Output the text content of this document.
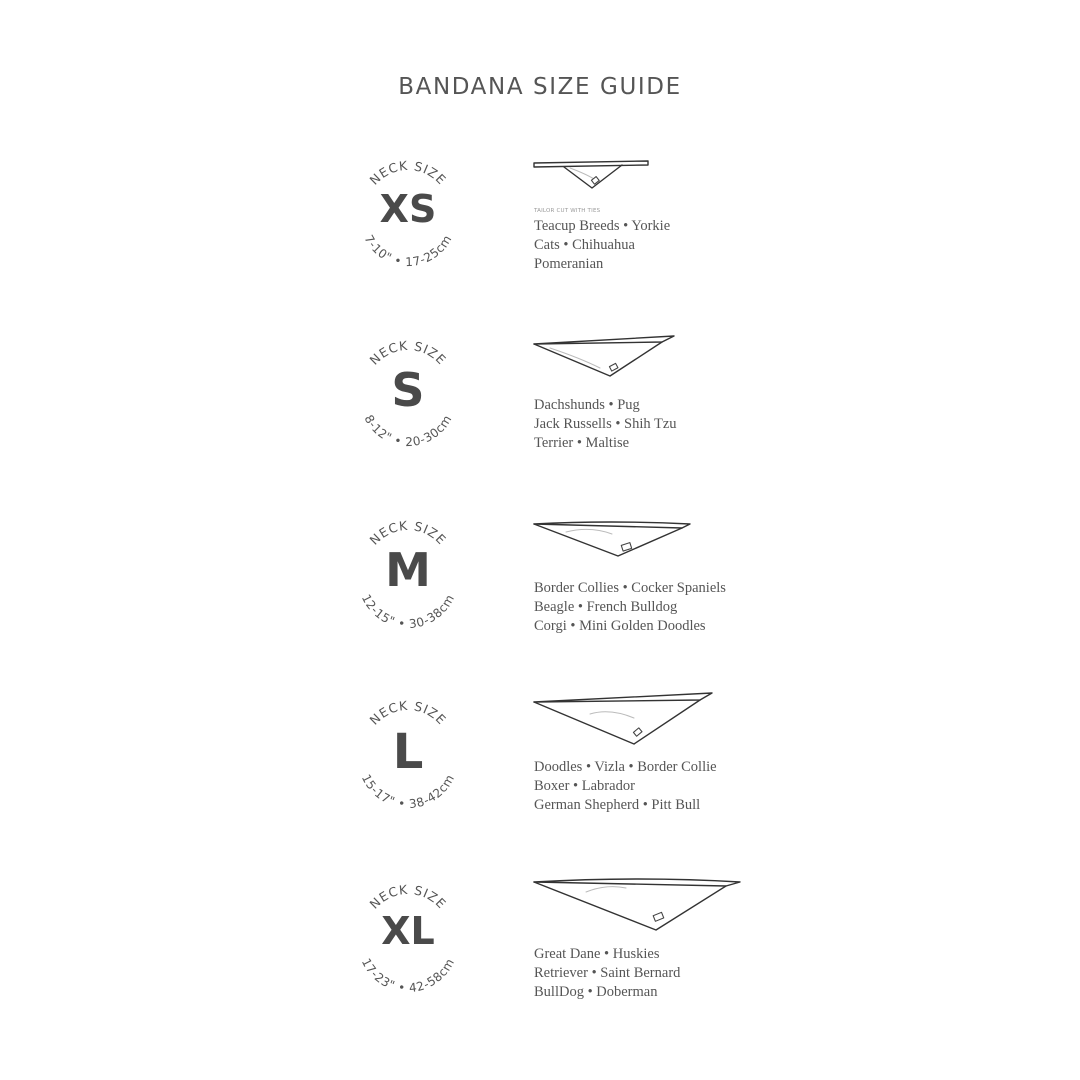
BANDANA SIZE GUIDE
NECK SIZE
XS
7-10" • 17-25cm
TAILOR CUT WITH TIES
Teacup Breeds • Yorkie
Cats • Chihuahua
Pomeranian
NECK SIZE
S
8-12" • 20-30cm
Dachshunds • Pug
Jack Russells • Shih Tzu
Terrier • Maltise
NECK SIZE
M
12-15" • 30-38cm
Border Collies • Cocker Spaniels
Beagle • French Bulldog
Corgi • Mini Golden Doodles
NECK SIZE
L
15-17" • 38-42cm
Doodles • Vizla • Border Collie
Boxer • Labrador
German Shepherd • Pitt Bull
NECK SIZE
XL
17-23" • 42-58cm
Great Dane • Huskies
Retriever • Saint Bernard
BullDog • Doberman
